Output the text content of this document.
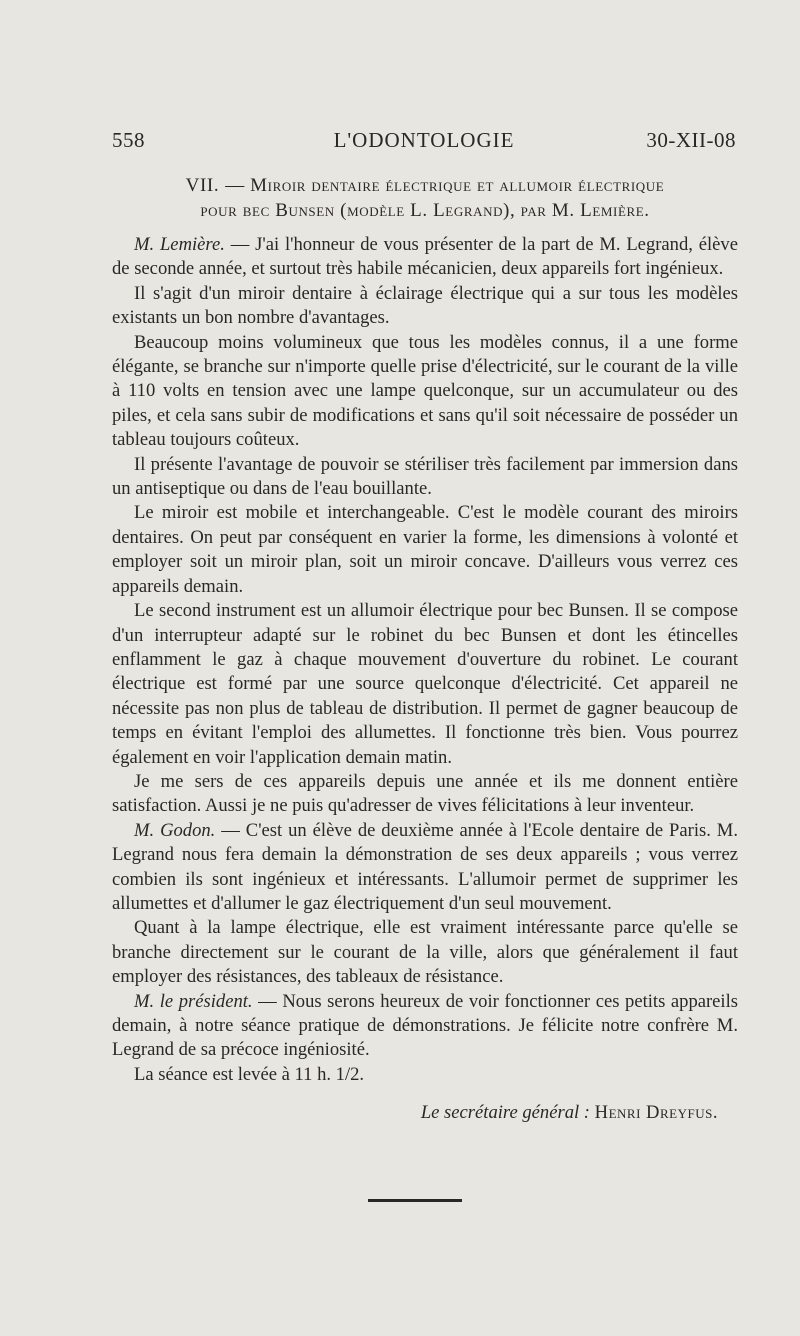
558	L'ODONTOLOGIE	30-XII-08
VII. — Miroir dentaire électrique et allumoir électrique
pour bec Bunsen (modèle L. Legrand), par M. Lemière.

M. Lemière. — J'ai l'honneur de vous présenter de la part de M. Legrand, élève de seconde année, et surtout très habile mécanicien, deux appareils fort ingénieux.

Il s'agit d'un miroir dentaire à éclairage électrique qui a sur tous les modèles existants un bon nombre d'avantages.

Beaucoup moins volumineux que tous les modèles connus, il a une forme élégante, se branche sur n'importe quelle prise d'électricité, sur le courant de la ville à 110 volts en tension avec une lampe quelconque, sur un accumulateur ou des piles, et cela sans subir de modifications et sans qu'il soit nécessaire de posséder un tableau toujours coûteux.

Il présente l'avantage de pouvoir se stériliser très facilement par immersion dans un antiseptique ou dans de l'eau bouillante.

Le miroir est mobile et interchangeable. C'est le modèle courant des miroirs dentaires. On peut par conséquent en varier la forme, les dimensions à volonté et employer soit un miroir plan, soit un miroir concave. D'ailleurs vous verrez ces appareils demain.

Le second instrument est un allumoir électrique pour bec Bunsen. Il se compose d'un interrupteur adapté sur le robinet du bec Bunsen et dont les étincelles enflamment le gaz à chaque mouvement d'ouverture du robinet. Le courant électrique est formé par une source quelconque d'électricité. Cet appareil ne nécessite pas non plus de tableau de distribution. Il permet de gagner beaucoup de temps en évitant l'emploi des allumettes. Il fonctionne très bien. Vous pourrez également en voir l'application demain matin.

Je me sers de ces appareils depuis une année et ils me donnent entière satisfaction. Aussi je ne puis qu'adresser de vives félicitations à leur inventeur.

M. Godon. — C'est un élève de deuxième année à l'Ecole dentaire de Paris. M. Legrand nous fera demain la démonstration de ses deux appareils ; vous verrez combien ils sont ingénieux et intéressants. L'allumoir permet de supprimer les allumettes et d'allumer le gaz électriquement d'un seul mouvement.

Quant à la lampe électrique, elle est vraiment intéressante parce qu'elle se branche directement sur le courant de la ville, alors que généralement il faut employer des résistances, des tableaux de résistance.

M. le président. — Nous serons heureux de voir fonctionner ces petits appareils demain, à notre séance pratique de démonstrations. Je félicite notre confrère M. Legrand de sa précoce ingéniosité.

La séance est levée à 11 h. 1/2.

Le secrétaire général : Henri Dreyfus.
